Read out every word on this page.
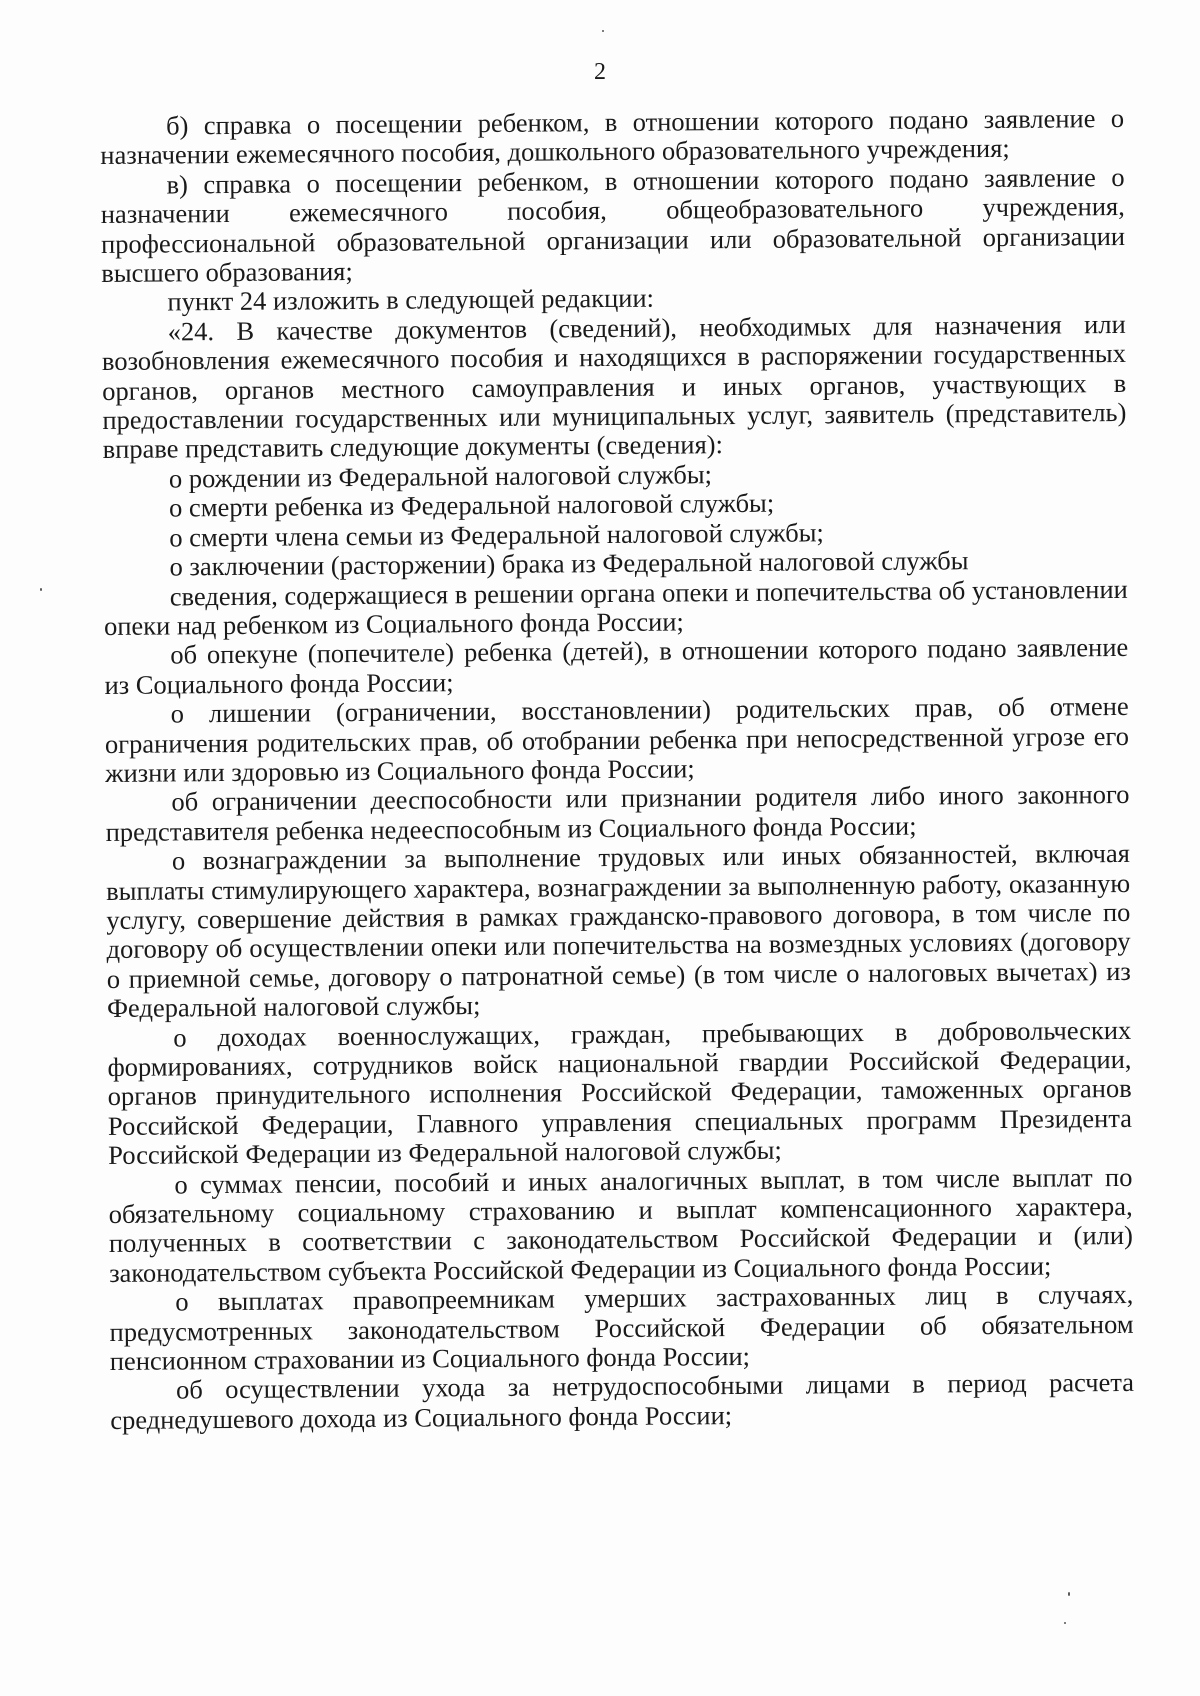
2

б) справка о посещении ребенком, в отношении которого подано заявление о назначении ежемесячного пособия, дошкольного образовательного учреждения;

в) справка о посещении ребенком, в отношении которого подано заявление о назначении ежемесячного пособия, общеобразовательного учреждения, профессиональной образовательной организации или образовательной организации высшего образования;

пункт 24 изложить в следующей редакции:

«24. В качестве документов (сведений), необходимых для назначения или возобновления ежемесячного пособия и находящихся в распоряжении государственных органов, органов местного самоуправления и иных органов, участвующих в предоставлении государственных или муниципальных услуг, заявитель (представитель) вправе представить следующие документы (сведения):

о рождении из Федеральной налоговой службы;

о смерти ребенка из Федеральной налоговой службы;

о смерти члена семьи из Федеральной налоговой службы;

о заключении (расторжении) брака из Федеральной налоговой службы

сведения, содержащиеся в решении органа опеки и попечительства об установлении опеки над ребенком из Социального фонда России;

об опекуне (попечителе) ребенка (детей), в отношении которого подано заявление из Социального фонда России;

о лишении (ограничении, восстановлении) родительских прав, об отмене ограничения родительских прав, об отобрании ребенка при непосредственной угрозе его жизни или здоровью из Социального фонда России;

об ограничении дееспособности или признании родителя либо иного законного представителя ребенка недееспособным из Социального фонда России;

о вознаграждении за выполнение трудовых или иных обязанностей, включая выплаты стимулирующего характера, вознаграждении за выполненную работу, оказанную услугу, совершение действия в рамках гражданско-правового договора, в том числе по договору об осуществлении опеки или попечительства на возмездных условиях (договору о приемной семье, договору о патронатной семье) (в том числе о налоговых вычетах) из Федеральной налоговой службы;

о доходах военнослужащих, граждан, пребывающих в добровольческих формированиях, сотрудников войск национальной гвардии Российской Федерации, органов принудительного исполнения Российской Федерации, таможенных органов Российской Федерации, Главного управления специальных программ Президента Российской Федерации из Федеральной налоговой службы;

о суммах пенсии, пособий и иных аналогичных выплат, в том числе выплат по обязательному социальному страхованию и выплат компенсационного характера, полученных в соответствии с законодательством Российской Федерации и (или) законодательством субъекта Российской Федерации из Социального фонда России;

о выплатах правопреемникам умерших застрахованных лиц в случаях, предусмотренных законодательством Российской Федерации об обязательном пенсионном страховании из Социального фонда России;

об осуществлении ухода за нетрудоспособными лицами в период расчета среднедушевого дохода из Социального фонда России;
